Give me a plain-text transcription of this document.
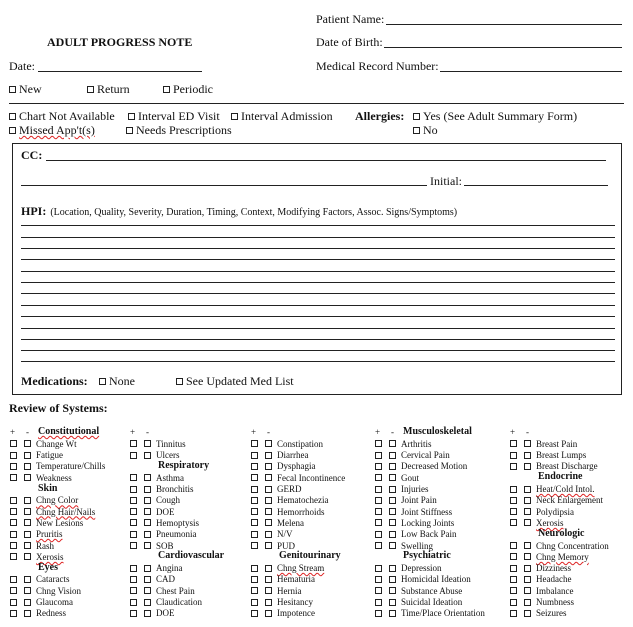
Patient Name:
ADULT PROGRESS NOTE	Date of Birth:
Date:	Medical Record Number:
New	Return	Periodic
Chart Not Available Interval ED Visit Interval Admission Allergies: Yes (See Adult Summary Form)
Missed App't(s)	Needs Prescriptions	No
CC:
Initial:
HPI: (Location, Quality, Severity, Duration, Timing, Context, Modifying Factors, Assoc. Signs/Symptoms)
Medications: None	See Updated Med List
Review of Systems:
+ - Constitutional
Change Wt
Fatigue
Temperature/Chills
Weakness
Skin
Chng Color
Chng Hair/Nails
New Lesions
Pruritis
Rash
Xerosis
Eyes
Cataracts
Chng Vision
Glaucoma
Redness
+ -
Tinnitus
Ulcers
Respiratory
Asthma
Bronchitis
Cough
DOE
Hemoptysis
Pneumonia
SOB
Cardiovascular
Angina
CAD
Chest Pain
Claudication
DOE
+ -
Constipation
Diarrhea
Dysphagia
Fecal Incontinence
GERD
Hematochezia
Hemorrhoids
Melena
N/V
PUD
Genitourinary
Chng Stream
Hematuria
Hernia
Hesitancy
Impotence
+ - Musculoskeletal
Arthritis
Cervical Pain
Decreased Motion
Gout
Injuries
Joint Pain
Joint Stiffness
Locking Joints
Low Back Pain
Swelling
Psychiatric
Depression
Homicidal Ideation
Substance Abuse
Suicidal Ideation
Time/Place Orientation
+ -
Breast Pain
Breast Lumps
Breast Discharge
Endocrine
Heat/Cold Intol.
Neck Enlargement
Polydipsia
Xerosis
Neurologic
Chng Concentration
Chng Memory
Dizziness
Headache
Imbalance
Numbness
Seizures
